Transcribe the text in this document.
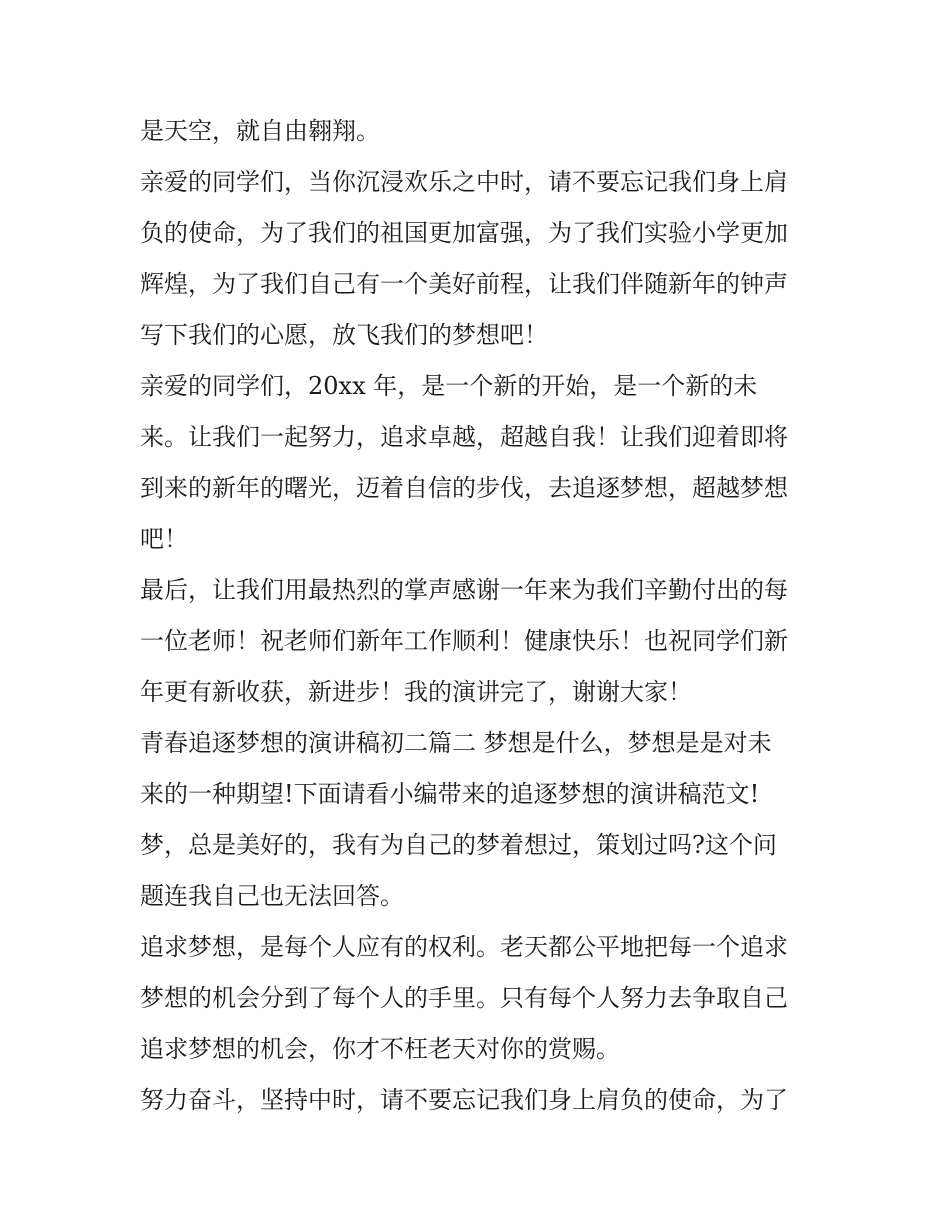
是天空，就自由翱翔。
亲爱的同学们，当你沉浸欢乐之中时，请不要忘记我们身上肩
负的使命，为了我们的祖国更加富强，为了我们实验小学更加
辉煌，为了我们自己有一个美好前程，让我们伴随新年的钟声
写下我们的心愿，放飞我们的梦想吧！
亲爱的同学们，20xx 年，是一个新的开始，是一个新的未
来。让我们一起努力，追求卓越，超越自我！让我们迎着即将
到来的新年的曙光，迈着自信的步伐，去追逐梦想，超越梦想
吧！
最后，让我们用最热烈的掌声感谢一年来为我们辛勤付出的每
一位老师！祝老师们新年工作顺利！健康快乐！也祝同学们新
年更有新收获，新进步！我的演讲完了，谢谢大家！
青春追逐梦想的演讲稿初二篇二 梦想是什么，梦想是是对未
来的一种期望!下面请看小编带来的追逐梦想的演讲稿范文!
梦，总是美好的，我有为自己的梦着想过，策划过吗?这个问
题连我自己也无法回答。
追求梦想，是每个人应有的权利。老天都公平地把每一个追求
梦想的机会分到了每个人的手里。只有每个人努力去争取自己
追求梦想的机会，你才不枉老天对你的赏赐。
努力奋斗，坚持中时，请不要忘记我们身上肩负的使命，为了
